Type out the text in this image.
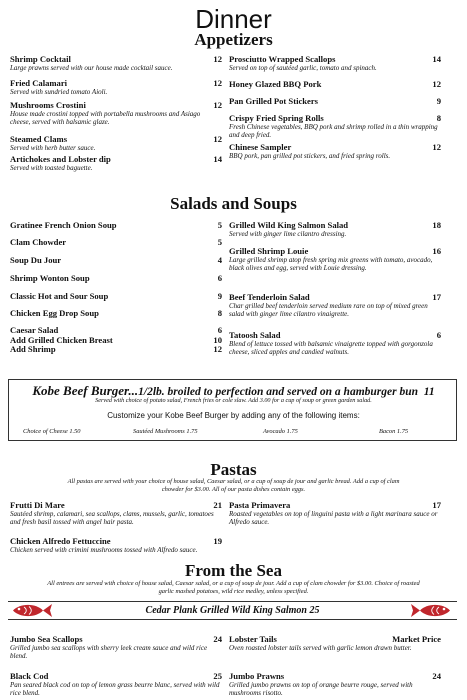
Dinner
Appetizers
Shrimp Cocktail	12
Large prawns served with our house made cocktail sauce.
Fried Calamari	12
Served with sundried tomato Aioli.
Mushrooms Crostini	12
House made crostini topped with portabella mushrooms and Asiago cheese, served with balsamic glaze.
Steamed Clams	12
Served with herb butter sauce.
Artichokes and Lobster dip	14
Served with toasted baguette.
Prosciutto Wrapped Scallops	14
Served on top of sautéed garlic, tomato and spinach.
Honey Glazed BBQ Pork	12
Pan Grilled Pot Stickers	9
Crispy Fried Spring Rolls	8
Fresh Chinese vegetables, BBQ pork and shrimp rolled in a thin wrapping and deep fried.
Chinese Sampler	12
BBQ pork, pan grilled pot stickers, and fried spring rolls.
Salads and Soups
Gratinee French Onion Soup	5
Clam Chowder	5
Soup Du Jour	4
Shrimp Wonton Soup	6
Classic Hot and Sour Soup	9
Chicken Egg Drop Soup	8
Caesar Salad	6
Add Grilled Chicken Breast	10
Add Shrimp	12
Grilled Wild King Salmon Salad	18
Served with ginger lime cilantro dressing.
Grilled Shrimp Louie	16
Large grilled shrimp atop fresh spring mix greens with tomato, avocado, black olives and egg, served with Louie dressing.
Beef Tenderloin Salad	17
Char grilled beef tenderloin served medium rare on top of mixed green salad with ginger lime cilantro vinaigrette.
Tatoosh Salad	6
Blend of lettuce tossed with balsamic vinaigrette topped with gorgonzola cheese, sliced apples and candied walnuts.
Kobe Beef Burger...1/2lb. broiled to perfection and served on a hamburger bun 11
Served with choice of potato salad, French fries or cole slaw. Add 3.00 for a cup of soup or green garden salad.
Customize your Kobe Beef Burger by adding any of the following items:
Choice of Cheese 1.50	Sautéed Mushrooms 1.75	Avocado 1.75	Bacon 1.75
Pastas
All pastas are served with your choice of house salad, Caesar salad, or a cup of soup de jour and garlic bread. Add a cup of clam chowder for $3.00. All of our pasta dishes contain eggs.
Frutti Di Mare	21
Sautéed shrimp, calamari, sea scallops, clams, mussels, garlic, tomatoes and fresh basil tossed with angel hair pasta.
Chicken Alfredo Fettuccine	19
Chicken served with crimini mushrooms tossed with Alfredo sauce.
Pasta Primavera	17
Roasted vegetables on top of linguini pasta with a light marinara sauce or Alfredo sauce.
From the Sea
All entrees are served with choice of house salad, Caesar salad, or a cup of soup de jour. Add a cup of clam chowder for $3.00. Choice of roasted garlic mashed potatoes, wild rice medley, unless specified.
Cedar Plank Grilled Wild King Salmon 25
Jumbo Sea Scallops	24
Grilled jumbo sea scallops with sherry leek cream sauce and wild rice blend.
Black Cod	25
Pan seared black cod on top of lemon grass beurre blanc, served with wild rice blend.
Lobster Tails	Market Price
Oven roasted lobster tails served with garlic lemon drawn butter.
Jumbo Prawns	24
Grilled jumbo prawns on top of orange beurre rouge, served with mushrooms risotto.
